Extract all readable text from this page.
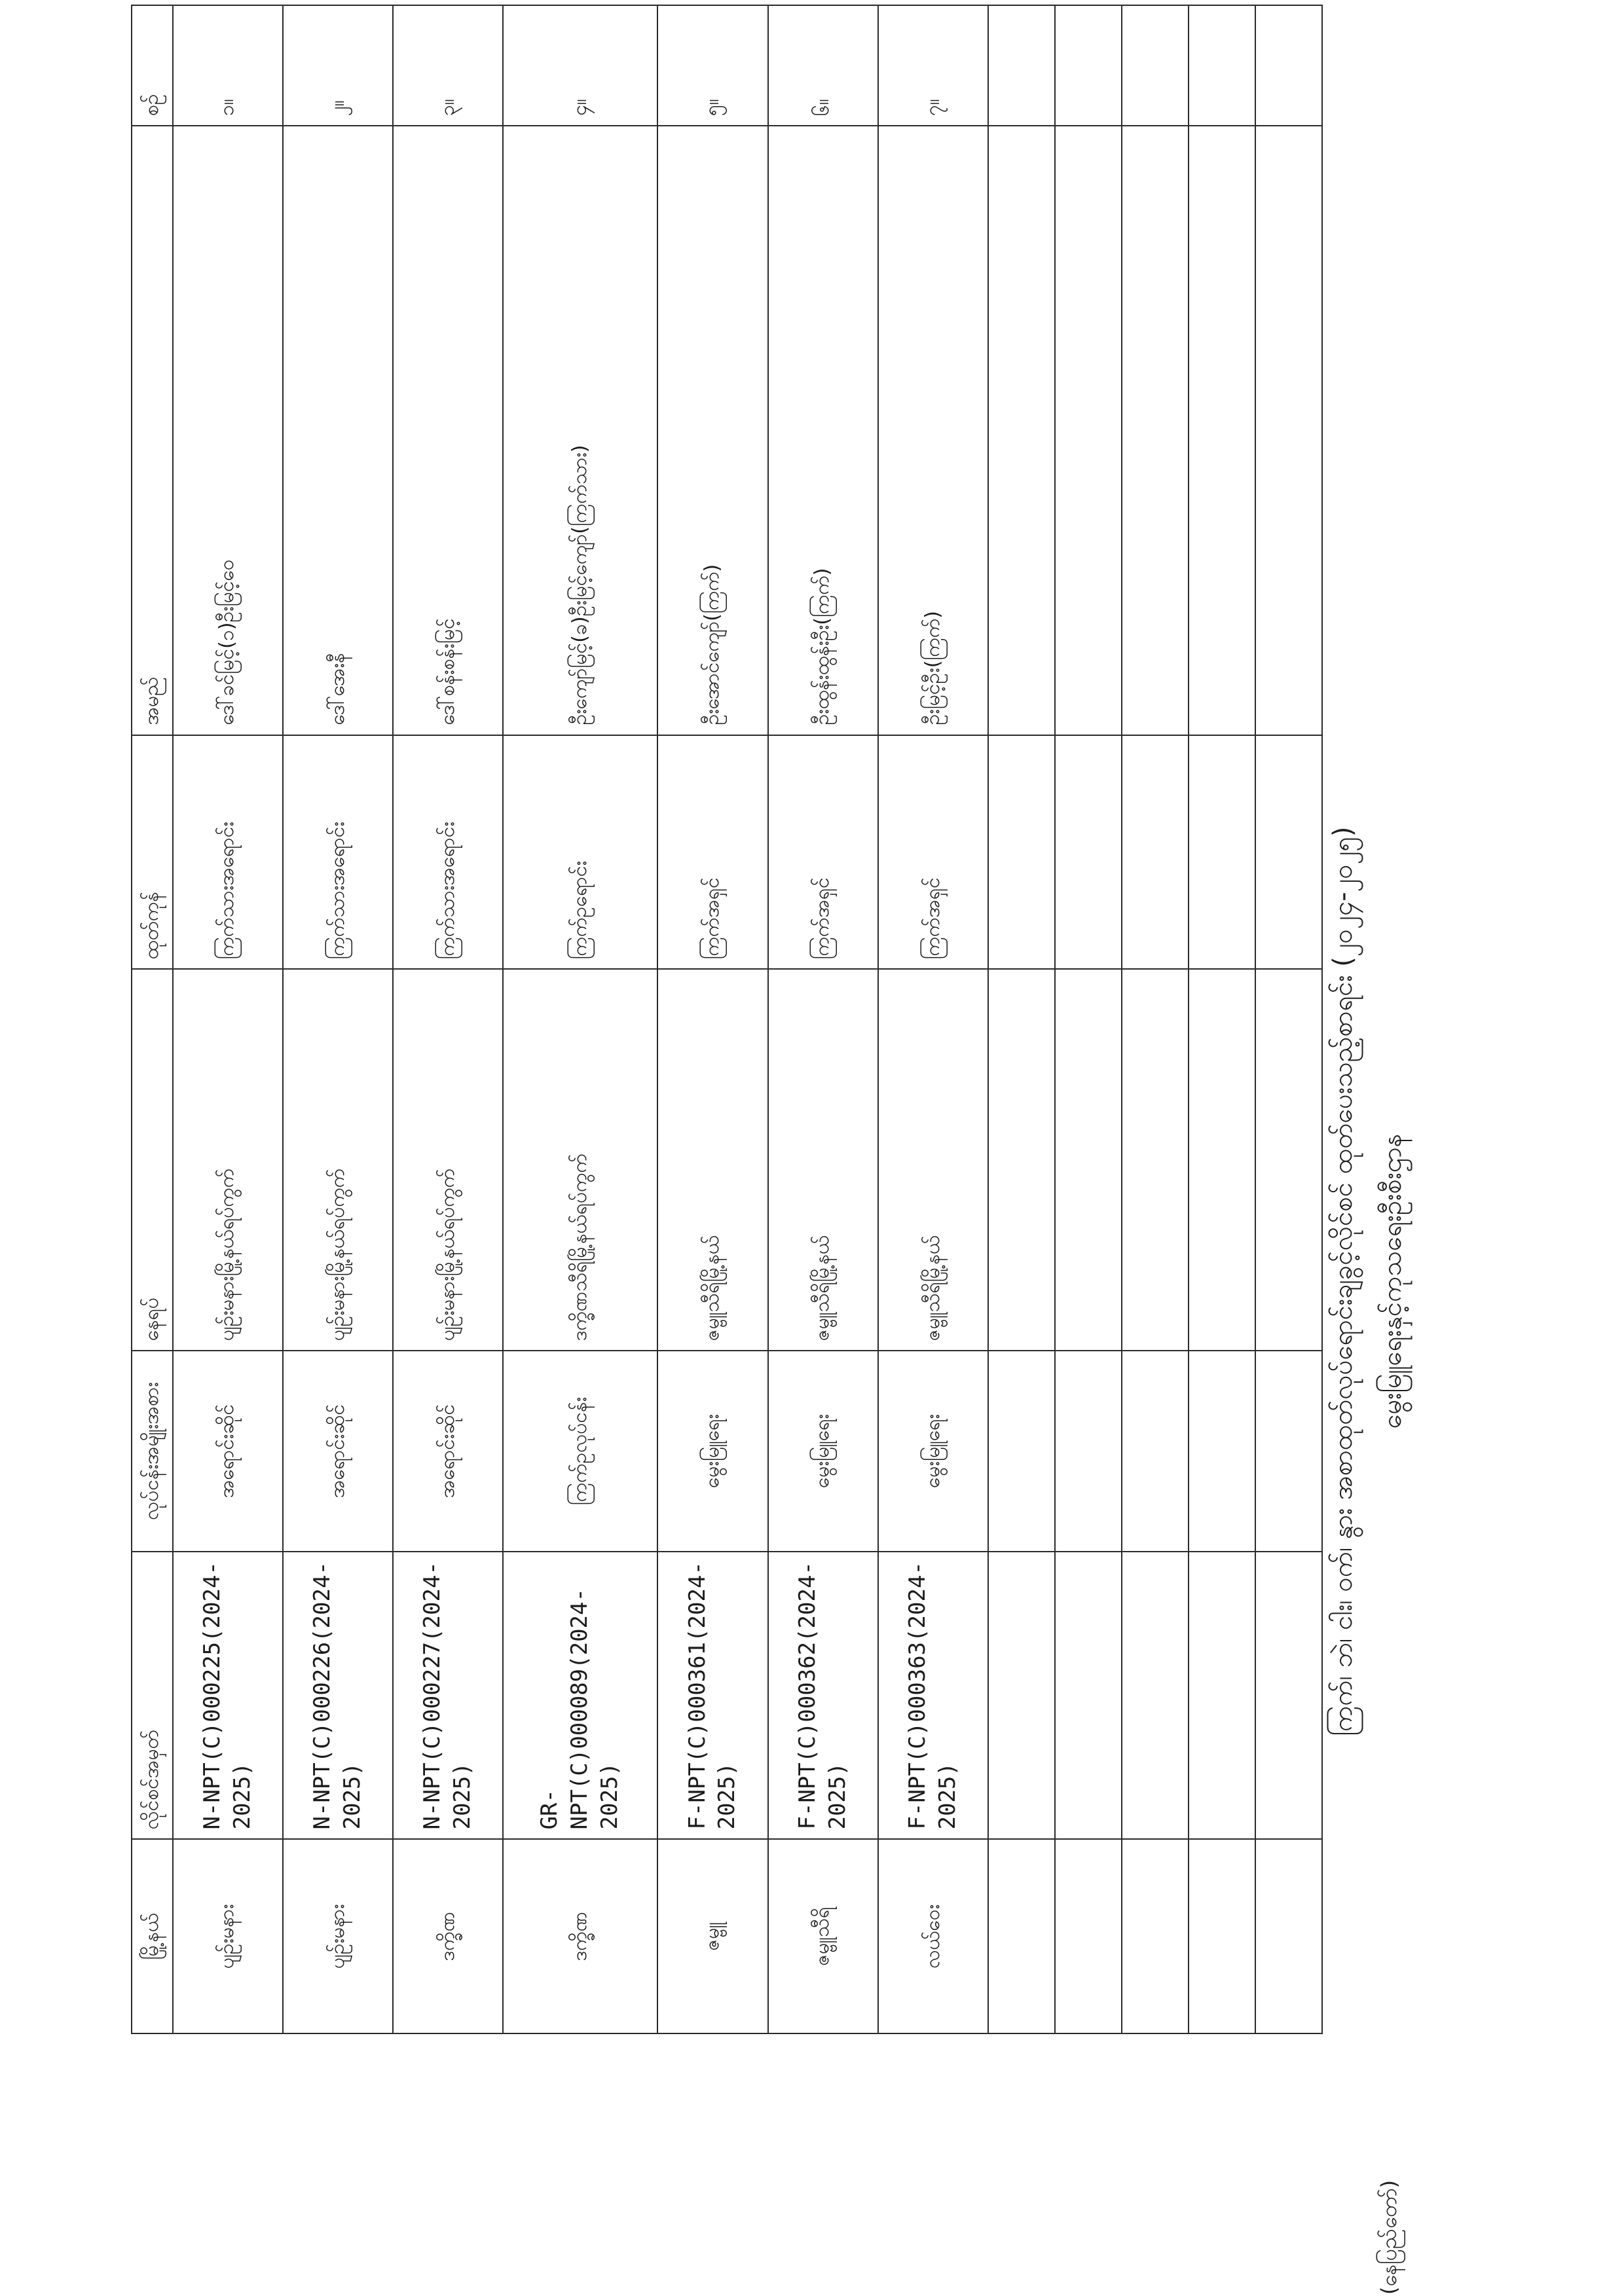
ကြက်၊ ဘဲ၊ ငါး၊ ဝက်၊ နွား အစာထုတ်လုပ်ရောင်းချခွင့်လိုင်စင် ထုတ်ပေးသည့်စာရင်း (၂၀၂၄-၂၀၂၅) မွေးမြူရေးနှင့်ကုသရေးဦးစီးဌာန
(နေပြည်တော်)
မြို့နယ်	လိုင်စင်အမှတ်	လုပ်ငန်းအမျိုးအစား	နေရပ်	ထုတ်ကုန်	အမည်	စဉ်
ပျဉ်းမနား	N-NPT(C)000225(2024-2025)	အရောင်းဆိုင်	ပျဉ်းမနားမြို့နယ်ရပ်ကွက်	ကြက်သားအရောင်း	ဒေါ်ခင်မြင့်(၁)ဦးမြင့်ဝေ	၁။
ပျဉ်းမနား	N-NPT(C)000226(2024-2025)	အရောင်းဆိုင်	ပျဉ်းမနားမြို့နယ်ရပ်ကွက်	ကြက်သားအရောင်း	ဒေါ်အေးနီ	၂။
ဒက္ခိဏ	N-NPT(C)000227(2024-2025)	အရောင်းဆိုင်	ပျဉ်းမနားမြို့နယ်ရပ်ကွက်	ကြက်သားအရောင်း	ဒေါ်စန်းစန်းမြင့်	၃။
ဒက္ခိဏ	GR-NPT(C)000089(2024-2025)	ကြက်ဥလုပ်ငန်း	ဒက္ခိဏသီရိမြို့နယ်ရပ်ကွက်	ကြက်ဥရောင်း	ဦးကျော်မြင့်(ခ)ဦးမြင့်ကျော်(ကြက်သား)	၄။
ဇမ္ဗူ	F-NPT(C)000361(2024-2025)	မွေးမြူရေး	ဇမ္ဗူသီရိမြို့နယ်	ကြက်အရှင်	ဦးအောင်ကျော်(ကြက်)	၅။
ဇမ္ဗူသီရိ	F-NPT(C)000362(2024-2025)	မွေးမြူရေး	ဇမ္ဗူသီရိမြို့နယ်	ကြက်အရှင်	ဦးထွန်းထွန်းဦး(ကြက်)	၆။
လယ်ဝေး	F-NPT(C)000363(2024-2025)	မွေးမြူရေး	ဇမ္ဗူသီရိမြို့နယ်	ကြက်အရှင်	ဦးမြင့်ဦး(ကြက်)	၇။
